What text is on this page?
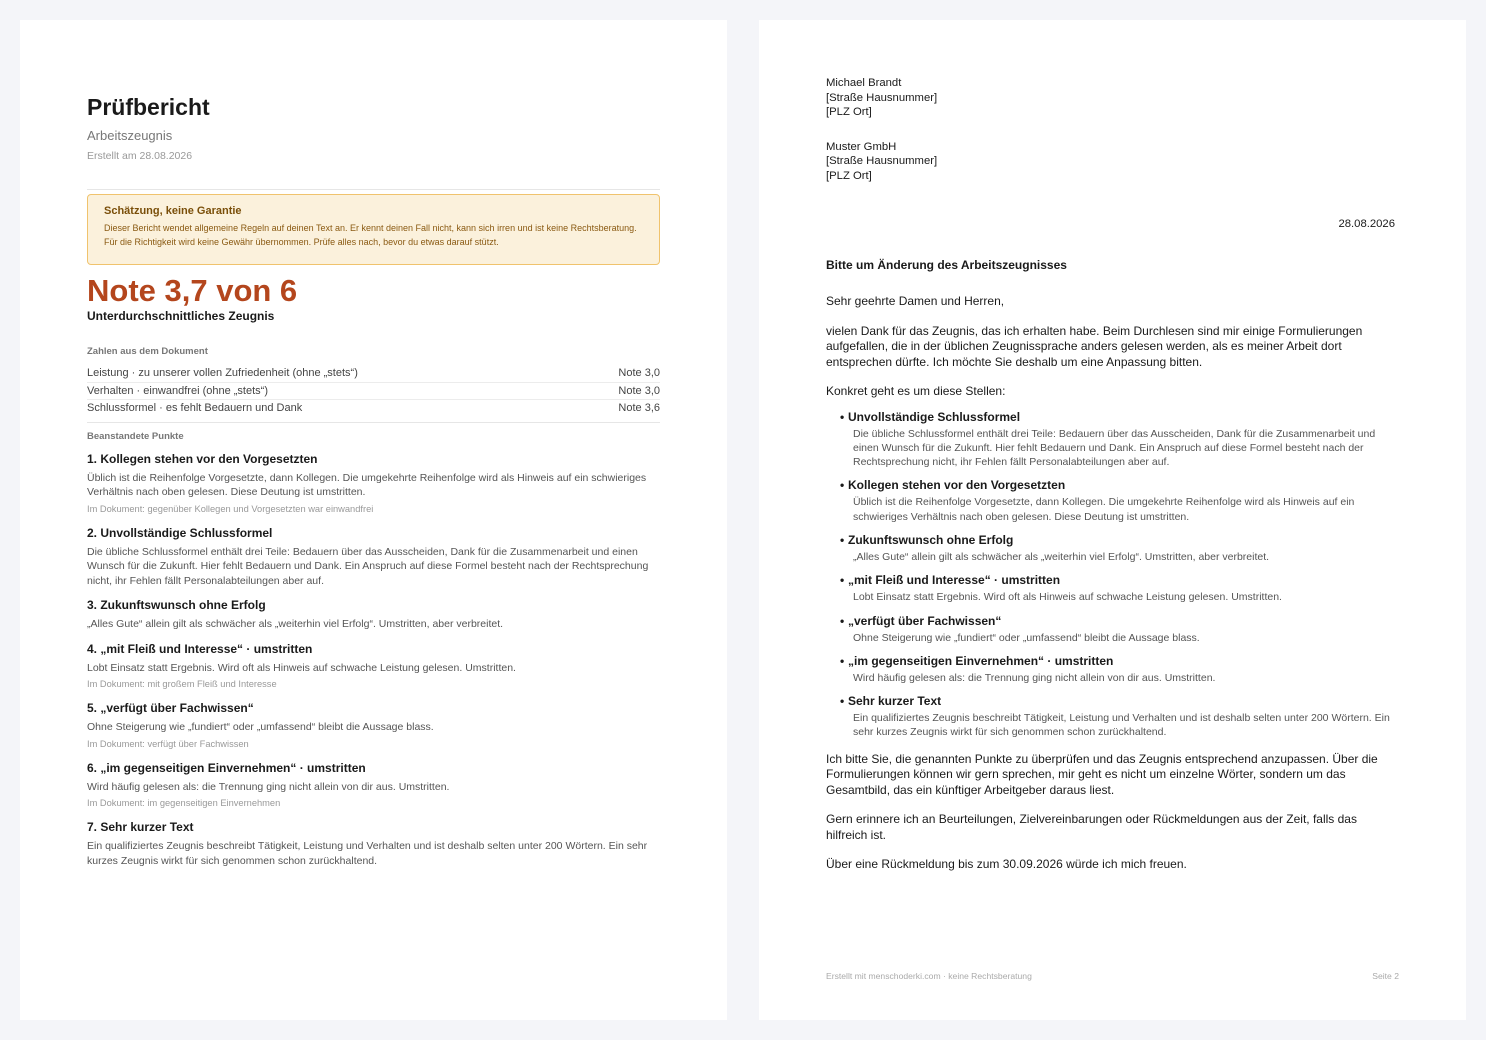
Prüfbericht
Arbeitszeugnis
Erstellt am 28.08.2026
Schätzung, keine Garantie
Dieser Bericht wendet allgemeine Regeln auf deinen Text an. Er kennt deinen Fall nicht, kann sich irren und ist keine Rechtsberatung. Für die Richtigkeit wird keine Gewähr übernommen. Prüfe alles nach, bevor du etwas darauf stützt.
Note 3,7 von 6
Unterdurchschnittliches Zeugnis
Zahlen aus dem Dokument
Leistung · zu unserer vollen Zufriedenheit (ohne „stets“)	Note 3,0
Verhalten · einwandfrei (ohne „stets“)	Note 3,0
Schlussformel · es fehlt Bedauern und Dank	Note 3,6
Beanstandete Punkte
1. Kollegen stehen vor den Vorgesetzten
Üblich ist die Reihenfolge Vorgesetzte, dann Kollegen. Die umgekehrte Reihenfolge wird als Hinweis auf ein schwieriges Verhältnis nach oben gelesen. Diese Deutung ist umstritten.
Im Dokument: gegenüber Kollegen und Vorgesetzten war einwandfrei
2. Unvollständige Schlussformel
Die übliche Schlussformel enthält drei Teile: Bedauern über das Ausscheiden, Dank für die Zusammenarbeit und einen Wunsch für die Zukunft. Hier fehlt Bedauern und Dank. Ein Anspruch auf diese Formel besteht nach der Rechtsprechung nicht, ihr Fehlen fällt Personalabteilungen aber auf.
3. Zukunftswunsch ohne Erfolg
„Alles Gute“ allein gilt als schwächer als „weiterhin viel Erfolg“. Umstritten, aber verbreitet.
4. „mit Fleiß und Interesse“ · umstritten
Lobt Einsatz statt Ergebnis. Wird oft als Hinweis auf schwache Leistung gelesen. Umstritten.
Im Dokument: mit großem Fleiß und Interesse
5. „verfügt über Fachwissen“
Ohne Steigerung wie „fundiert“ oder „umfassend“ bleibt die Aussage blass.
Im Dokument: verfügt über Fachwissen
6. „im gegenseitigen Einvernehmen“ · umstritten
Wird häufig gelesen als: die Trennung ging nicht allein von dir aus. Umstritten.
Im Dokument: im gegenseitigen Einvernehmen
7. Sehr kurzer Text
Ein qualifiziertes Zeugnis beschreibt Tätigkeit, Leistung und Verhalten und ist deshalb selten unter 200 Wörtern. Ein sehr kurzes Zeugnis wirkt für sich genommen schon zurückhaltend.
Michael Brandt
[Straße Hausnummer]
[PLZ Ort]
Muster GmbH
[Straße Hausnummer]
[PLZ Ort]
28.08.2026
Bitte um Änderung des Arbeitszeugnisses
Sehr geehrte Damen und Herren,
vielen Dank für das Zeugnis, das ich erhalten habe. Beim Durchlesen sind mir einige Formulierungen aufgefallen, die in der üblichen Zeugnissprache anders gelesen werden, als es meiner Arbeit dort entsprechen dürfte. Ich möchte Sie deshalb um eine Anpassung bitten.
Konkret geht es um diese Stellen:
• Unvollständige Schlussformel
Die übliche Schlussformel enthält drei Teile: Bedauern über das Ausscheiden, Dank für die Zusammenarbeit und einen Wunsch für die Zukunft. Hier fehlt Bedauern und Dank. Ein Anspruch auf diese Formel besteht nach der Rechtsprechung nicht, ihr Fehlen fällt Personalabteilungen aber auf.
• Kollegen stehen vor den Vorgesetzten
Üblich ist die Reihenfolge Vorgesetzte, dann Kollegen. Die umgekehrte Reihenfolge wird als Hinweis auf ein schwieriges Verhältnis nach oben gelesen. Diese Deutung ist umstritten.
• Zukunftswunsch ohne Erfolg
„Alles Gute“ allein gilt als schwächer als „weiterhin viel Erfolg“. Umstritten, aber verbreitet.
• „mit Fleiß und Interesse“ · umstritten
Lobt Einsatz statt Ergebnis. Wird oft als Hinweis auf schwache Leistung gelesen. Umstritten.
• „verfügt über Fachwissen“
Ohne Steigerung wie „fundiert“ oder „umfassend“ bleibt die Aussage blass.
• „im gegenseitigen Einvernehmen“ · umstritten
Wird häufig gelesen als: die Trennung ging nicht allein von dir aus. Umstritten.
• Sehr kurzer Text
Ein qualifiziertes Zeugnis beschreibt Tätigkeit, Leistung und Verhalten und ist deshalb selten unter 200 Wörtern. Ein sehr kurzes Zeugnis wirkt für sich genommen schon zurückhaltend.
Ich bitte Sie, die genannten Punkte zu überprüfen und das Zeugnis entsprechend anzupassen. Über die Formulierungen können wir gern sprechen, mir geht es nicht um einzelne Wörter, sondern um das Gesamtbild, das ein künftiger Arbeitgeber daraus liest.
Gern erinnere ich an Beurteilungen, Zielvereinbarungen oder Rückmeldungen aus der Zeit, falls das hilfreich ist.
Über eine Rückmeldung bis zum 30.09.2026 würde ich mich freuen.
Erstellt mit menschoderki.com · keine Rechtsberatung	Seite 2
